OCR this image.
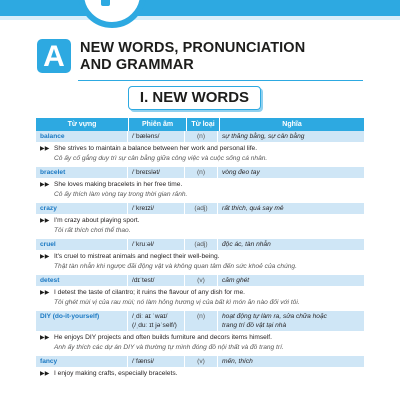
A	NEW WORDS, PRONUNCIATION
AND GRAMMAR
I. NEW WORDS
Từ vựng	Phiên âm	Từ loại	Nghĩa
balance	/ˈbæləns/	(n)	sự thăng bằng, sự cân bằng
▶▶ She strives to maintain a balance between her work and personal life.
Cô ấy cố gắng duy trì sự cân bằng giữa công việc và cuộc sống cá nhân.
bracelet	/ˈbreɪslət/	(n)	vòng đeo tay
▶▶ She loves making bracelets in her free time.
Cô ấy thích làm vòng tay trong thời gian rảnh.
crazy	/ˈkreɪzi/	(adj)	rất thích, quá say mê
▶▶ I'm crazy about playing sport.
Tôi rất thích chơi thể thao.
cruel	/ˈkruːəl/	(adj)	độc ác, tàn nhẫn
▶▶ It's cruel to mistreat animals and neglect their well-being.
Thật tàn nhẫn khi ngược đãi động vật và không quan tâm đến sức khoẻ của chúng.
detest	/dɪˈtest/	(v)	căm ghét
▶▶ I detest the taste of cilantro; it ruins the flavour of any dish for me.
Tôi ghét mùi vị của rau mùi; nó làm hỏng hương vị của bất kì món ăn nào đối với tôi.
DIY (do-it-yourself)	/ˌdiː aɪ ˈwaɪ/
(/ˌduː ɪt jəˈself/)
(n)	hoạt động tự làm ra, sửa chữa hoặc
trang trí đồ vật tại nhà
▶▶ He enjoys DIY projects and often builds furniture and decors items himself.
Anh ấy thích các dự án DIY và thường tự mình đóng đồ nội thất và đồ trang trí.
fancy	/ˈfænsi/	(v)	mến, thích
▶▶ I enjoy making crafts, especially bracelets.
